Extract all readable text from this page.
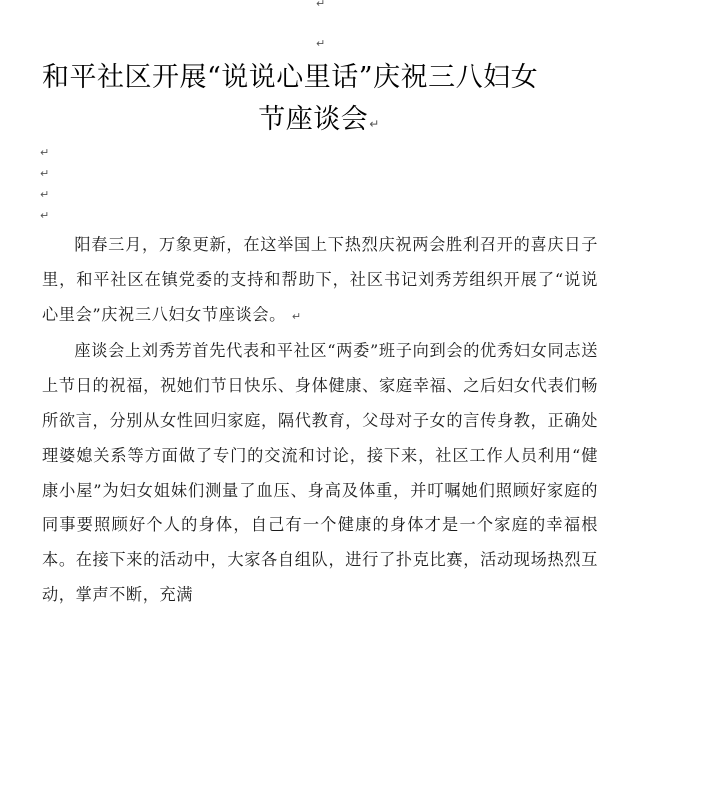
↵
↵
和平社区开展“说说心里话”庆祝三八妇女
节座谈会↵
↵
↵
↵
↵

阳春三月，万象更新，在这举国上下热烈庆祝两会胜利召开的喜庆日子里，和平社区在镇党委的支持和帮助下，社区书记刘秀芳组织开展了“说说心里会”庆祝三八妇女节座谈会。 ↵

座谈会上刘秀芳首先代表和平社区“两委”班子向到会的优秀妇女同志送上节日的祝福，祝她们节日快乐、身体健康、家庭幸福、之后妇女代表们畅所欲言，分别从女性回归家庭，隔代教育，父母对子女的言传身教，正确处理婆媳关系等方面做了专门的交流和讨论，接下来，社区工作人员利用“健康小屋”为妇女姐妹们测量了血压、身高及体重，并叮嘱她们照顾好家庭的同事要照顾好个人的身体，自己有一个健康的身体才是一个家庭的幸福根本。在接下来的活动中，大家各自组队，进行了扑克比赛，活动现场热烈互动，掌声不断，充满
